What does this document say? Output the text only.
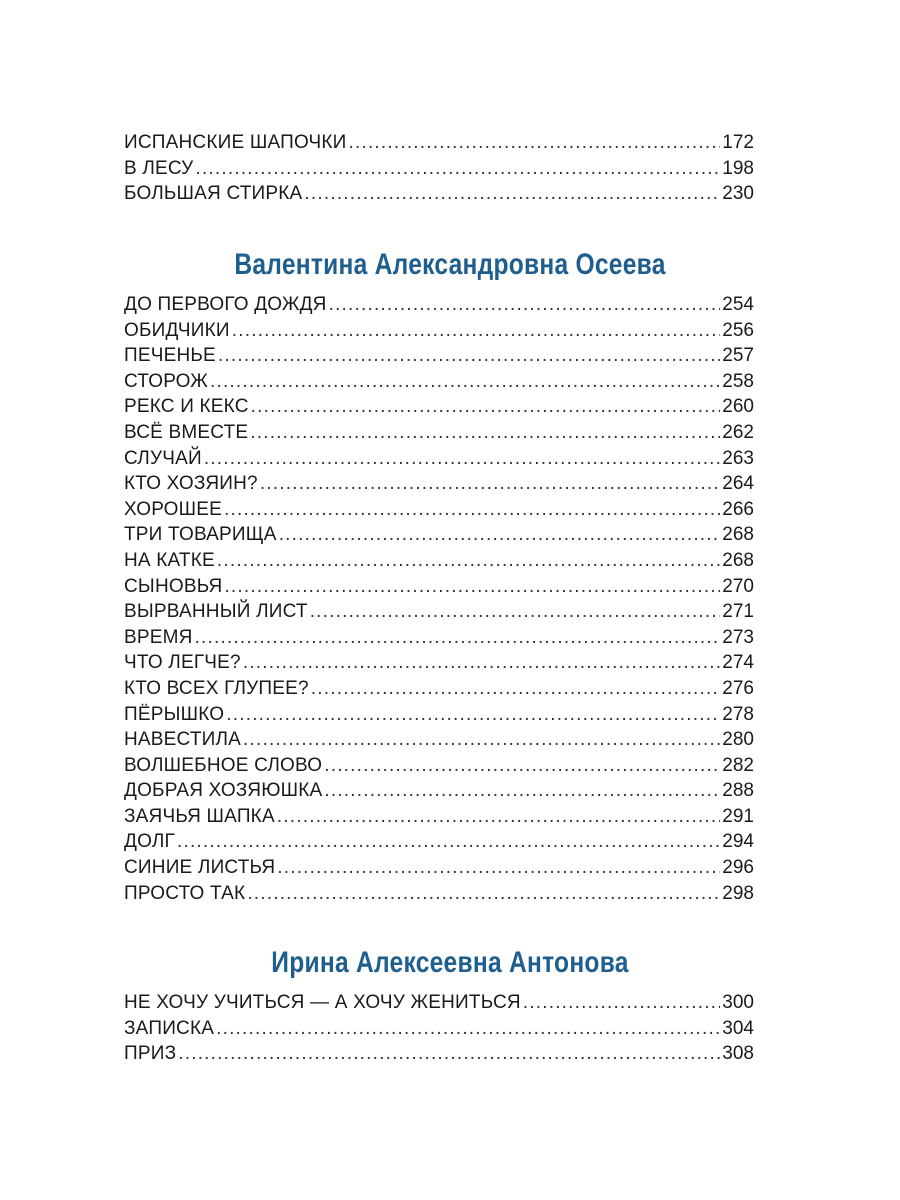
ИСПАНСКИЕ ШАПОЧКИ .....	172
В ЛЕСУ .....	198
БОЛЬШАЯ СТИРКА .....	230
Валентина Александровна Осеева
ДО ПЕРВОГО ДОЖДЯ .....	254
ОБИДЧИКИ .....	256
ПЕЧЕНЬЕ .....	257
СТОРОЖ .....	258
РЕКС И КЕКС .....	260
ВСЁ ВМЕСТЕ .....	262
СЛУЧАЙ .....	263
КТО ХОЗЯИН? .....	264
ХОРОШЕЕ .....	266
ТРИ ТОВАРИЩА .....	268
НА КАТКЕ .....	268
СЫНОВЬЯ .....	270
ВЫРВАННЫЙ ЛИСТ .....	271
ВРЕМЯ .....	273
ЧТО ЛЕГЧЕ? .....	274
КТО ВСЕХ ГЛУПЕЕ? .....	276
ПЁРЫШКО .....	278
НАВЕСТИЛА .....	280
ВОЛШЕБНОЕ СЛОВО .....	282
ДОБРАЯ ХОЗЯЮШКА .....	288
ЗАЯЧЬЯ ШАПКА .....	291
ДОЛГ .....	294
СИНИЕ ЛИСТЬЯ .....	296
ПРОСТО ТАК .....	298
Ирина Алексеевна Антонова
НЕ ХОЧУ УЧИТЬСЯ — А ХОЧУ ЖЕНИТЬСЯ .....	300
ЗАПИСКА .....	304
ПРИЗ .....	308
